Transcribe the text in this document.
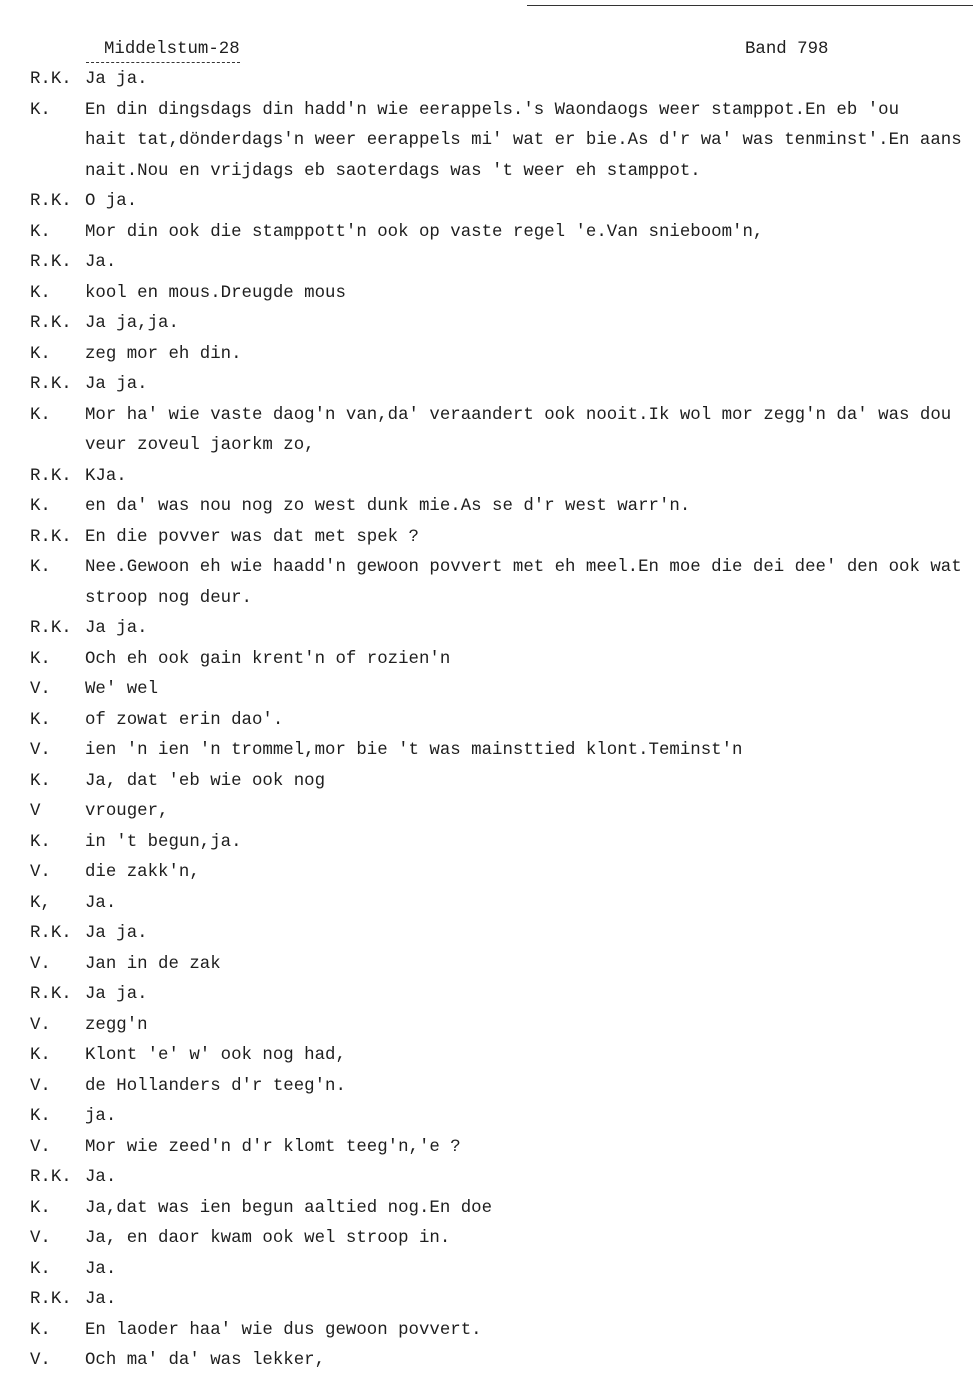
Middelstum-28	Band 798
R.K. Ja ja.
K.	En din dingsdags din hadd'n wie eerappels.'s Waondaogs weer stamppot.En eb 'ou
hait tat,dönderdags'n weer eerappels mi' wat er bie.As d'r wa' was tenminst'.En aans
nait.Nou en vrijdags eb saoterdags was 't weer eh stamppot.
R.K. O ja.
K.	Mor din ook die stamppott'n ook op vaste regel 'e.Van snieboom'n,
R.K. Ja.
K.	kool en mous.Dreugde mous
R.K. Ja ja,ja.
K.	zeg mor eh din.
R.K. Ja ja.
K.	Mor ha' wie vaste daog'n van,da' veraandert ook nooit.Ik wol mor zegg'n da' was dou
veur zoveul jaorkm zo,
R.K. KJa.
K.	en da' was nou nog zo west dunk mie.As se d'r west warr'n.
R.K. En die povver was dat met spek ?
K.	Nee.Gewoon eh wie haadd'n gewoon povvert met eh meel.En moe die dei dee' den ook wat
stroop nog deur.
R.K. Ja ja.
K.	Och eh ook gain krent'n of rozien'n
V.	We' wel
K.	of zowat erin dao'.
V.	ien 'n ien 'n trommel,mor bie 't was mainsttied klont.Teminst'n
K.	Ja, dat 'eb wie ook nog
V	vrouger,
K.	in 't begun,ja.
V.	die zakk'n,
K,	Ja.
R.K. Ja ja.
V.	Jan in de zak
R.K. Ja ja.
V.	zegg'n
K.	Klont 'e' w' ook nog had,
V.	de Hollanders d'r teeg'n.
K.	ja.
V.	Mor wie zeed'n d'r klomt teeg'n,'e ?
R.K. Ja.
K.	Ja,dat was ien begun aaltied nog.En doe
V.	Ja, en daor kwam ook wel stroop in.
K.	Ja.
R.K. Ja.
K.	En laoder haa' wie dus gewoon povvert.
V.	Och ma' da' was lekker,
